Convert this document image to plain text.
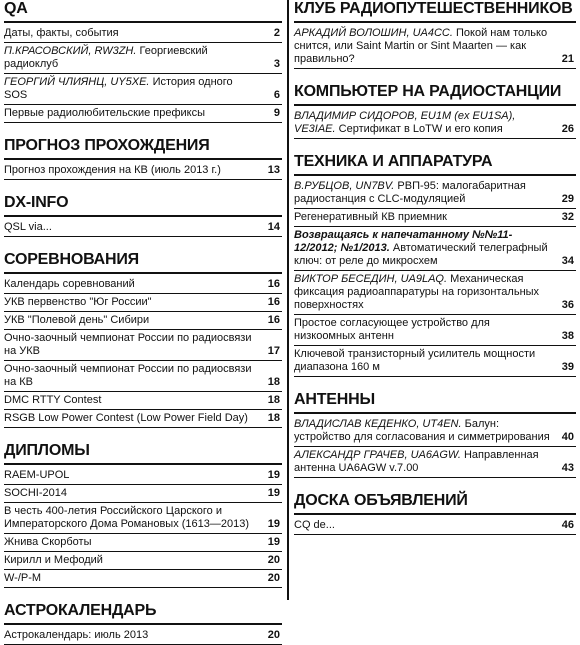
QA
Даты, факты, события	2
П.КРАСОВСКИЙ, RW3ZH. Георгиевский радиоклуб	3
ГЕОРГИЙ ЧЛИЯНЦ, UY5XE. История одного SOS	6
Первые радиолюбительские префиксы	9
ПРОГНОЗ ПРОХОЖДЕНИЯ
Прогноз прохождения на КВ (июль 2013 г.)	13
DX-INFO
QSL via...	14
СОРЕВНОВАНИЯ
Календарь соревнований	16
УКВ первенство "Юг России"	16
УКВ "Полевой день" Сибири	16
Очно-заочный чемпионат России по радиосвязи на УКВ	17
Очно-заочный чемпионат России по радиосвязи на КВ	18
DMC RTTY Contest	18
RSGB Low Power Contest (Low Power Field Day) 18
ДИПЛОМЫ
RAEM-UPOL	19
SOCHI-2014	19
В честь 400-летия Российского Царского и Императорского Дома Романовых (1613—2013) 19
Жнива Скорботы	19
Кирилл и Мефодий	20
W-/P-M	20
АСТРОКАЛЕНДАРЬ
Астрокалендарь: июль 2013	20
КЛУБ РАДИОПУТЕШЕСТВЕННИКОВ
АРКАДИЙ ВОЛОШИН, UA4CC. Покой нам только снится, или Saint Martin or Sint Maarten — как правильно?	21
КОМПЬЮТЕР НА РАДИОСТАНЦИИ
ВЛАДИМИР СИДОРОВ, EU1M (ex EU1SA), VE3IAE. Сертификат в LoTW и его копия	26
ТЕХНИКА И АППАРАТУРА
В.РУБЦОВ, UN7BV. РВП-95: малогабаритная радиостанция с CLC-модуляцией	29
Регенеративный КВ приемник	32
Возвращаясь к напечатанному №№11-12/2012; №1/2013. Автоматический телеграфный ключ: от реле до микросхем	34
ВИКТОР БЕСЕДИН, UA9LAQ. Механическая фиксация радиоаппаратуры на горизонтальных поверхностях	36
Простое согласующее устройство для низкоомных антенн	38
Ключевой транзисторный усилитель мощности диапазона 160 м	39
АНТЕННЫ
ВЛАДИСЛАВ КЕДЕНКО, UT4EN. Балун: устройство для согласования и симметрирования 40
АЛЕКСАНДР ГРАЧЕВ, UA6AGW. Направленная антенна UA6AGW v.7.00	43
ДОСКА ОБЪЯВЛЕНИЙ
CQ de...	46
